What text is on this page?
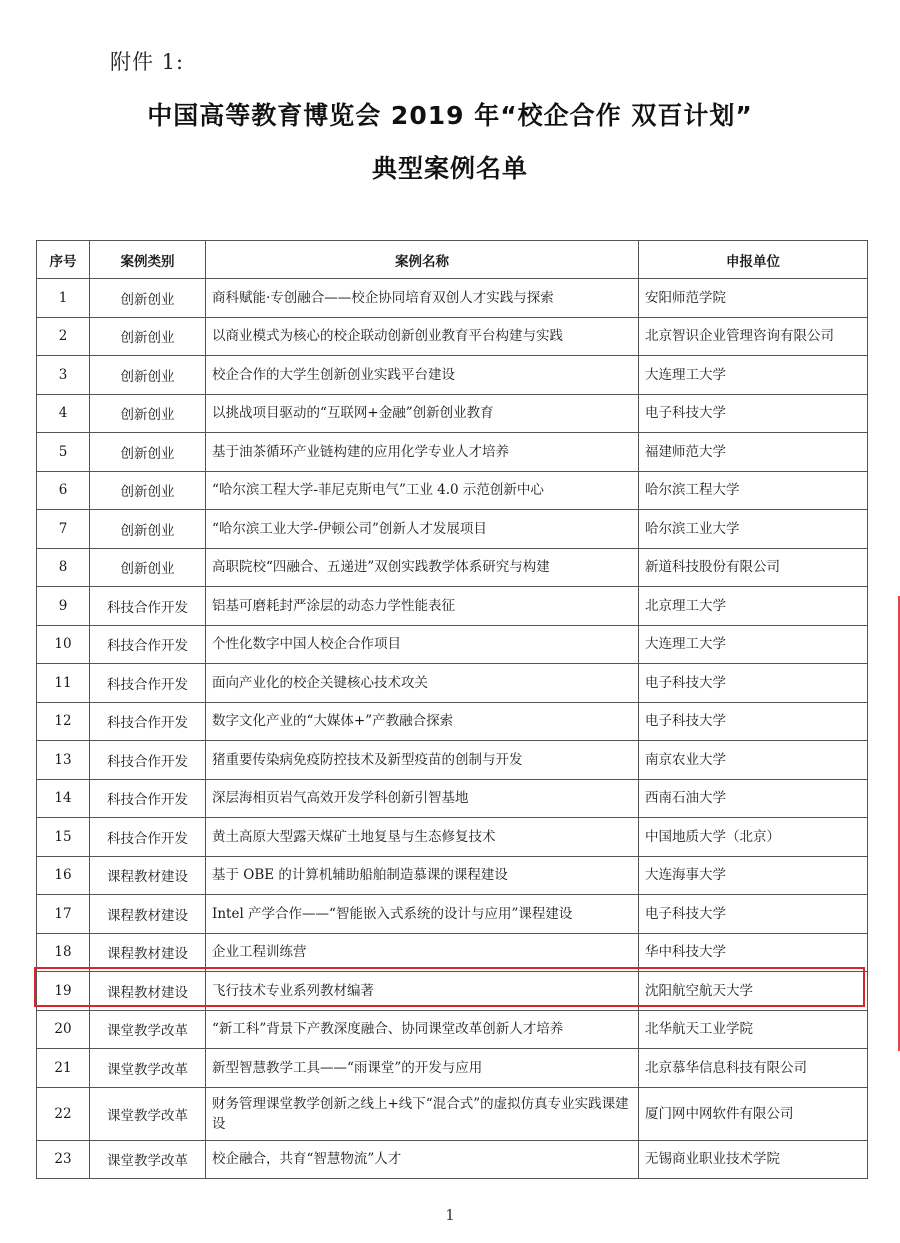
附件 1:
中国高等教育博览会 2019 年“校企合作 双百计划”
典型案例名单
序号	案例类别	案例名称	申报单位
1	创新创业	商科赋能·专创融合——校企协同培育双创人才实践与探索	安阳师范学院
2	创新创业	以商业模式为核心的校企联动创新创业教育平台构建与实践	北京智识企业管理咨询有限公司
3	创新创业	校企合作的大学生创新创业实践平台建设	大连理工大学
4	创新创业	以挑战项目驱动的“互联网+金融”创新创业教育	电子科技大学
5	创新创业	基于油茶循环产业链构建的应用化学专业人才培养	福建师范大学
6	创新创业	“哈尔滨工程大学-菲尼克斯电气”工业 4.0 示范创新中心	哈尔滨工程大学
7	创新创业	“哈尔滨工业大学-伊顿公司”创新人才发展项目	哈尔滨工业大学
8	创新创业	高职院校“四融合、五递进”双创实践教学体系研究与构建	新道科技股份有限公司
9	科技合作开发	铝基可磨耗封严涂层的动态力学性能表征	北京理工大学
10	科技合作开发	个性化数字中国人校企合作项目	大连理工大学
11	科技合作开发	面向产业化的校企关键核心技术攻关	电子科技大学
12	科技合作开发	数字文化产业的“大媒体+”产教融合探索	电子科技大学
13	科技合作开发	猪重要传染病免疫防控技术及新型疫苗的创制与开发	南京农业大学
14	科技合作开发	深层海相页岩气高效开发学科创新引智基地	西南石油大学
15	科技合作开发	黄土高原大型露天煤矿土地复垦与生态修复技术	中国地质大学（北京）
16	课程教材建设	基于 OBE 的计算机辅助船舶制造慕课的课程建设	大连海事大学
17	课程教材建设	Intel 产学合作——“智能嵌入式系统的设计与应用”课程建设	电子科技大学
18	课程教材建设	企业工程训练营	华中科技大学
19	课程教材建设	飞行技术专业系列教材编著	沈阳航空航天大学
20	课堂教学改革	“新工科”背景下产教深度融合、协同课堂改革创新人才培养	北华航天工业学院
21	课堂教学改革	新型智慧教学工具——“雨课堂”的开发与应用	北京慕华信息科技有限公司
22	课堂教学改革	财务管理课堂教学创新之线上+线下“混合式”的虚拟仿真专业实践课建设	厦门网中网软件有限公司
23	课堂教学改革	校企融合，共育“智慧物流”人才	无锡商业职业技术学院
1
